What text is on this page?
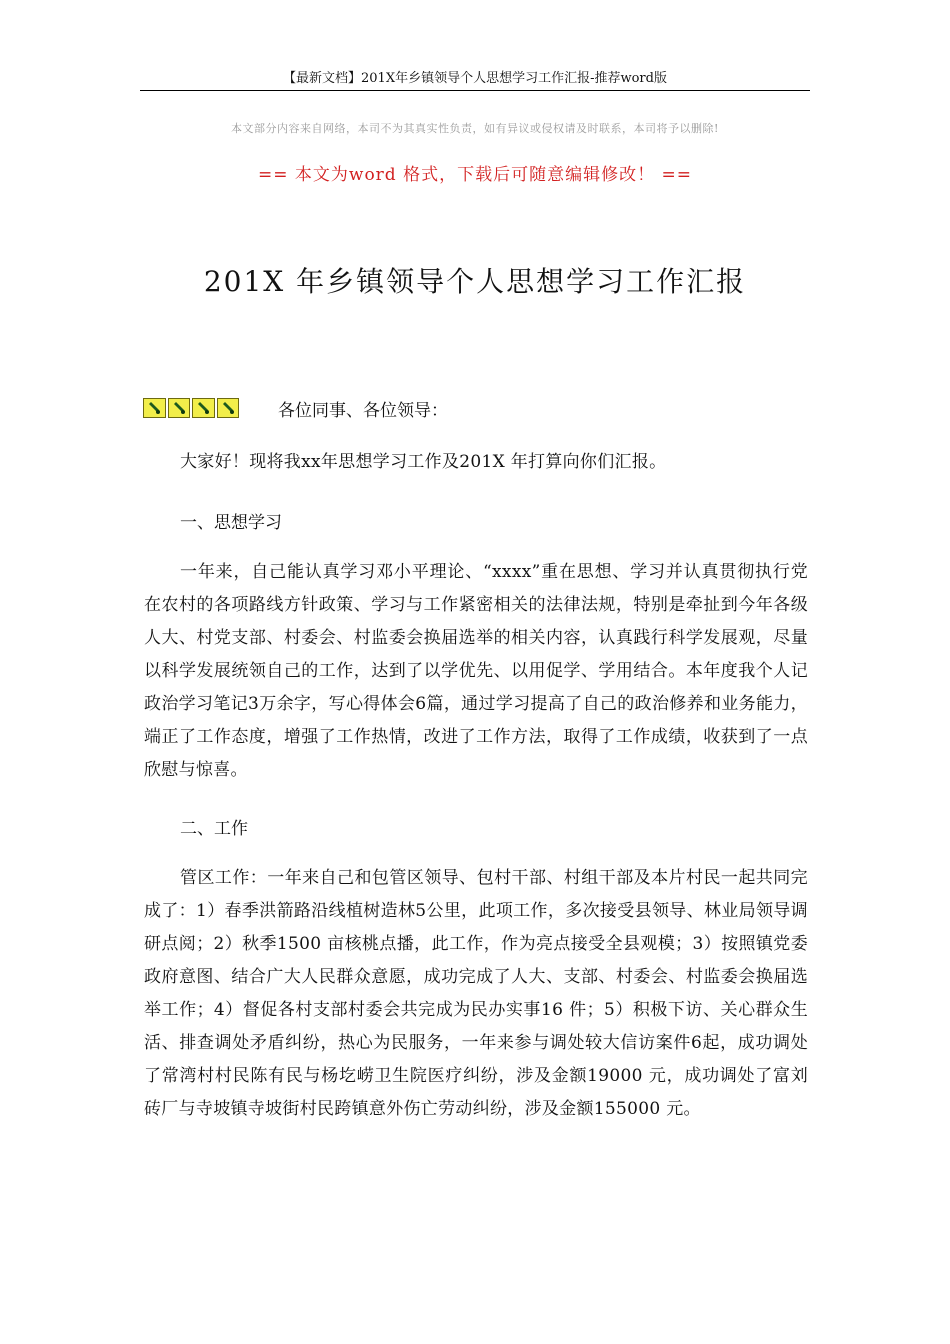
【最新文档】201X年乡镇领导个人思想学习工作汇报-推荐word版
本文部分内容来自网络，本司不为其真实性负责，如有异议或侵权请及时联系，本司将予以删除!
== 本文为word 格式，下载后可随意编辑修改！ ==
201X 年乡镇领导个人思想学习工作汇报
各位同事、各位领导：
大家好！现将我xx年思想学习工作及201X 年打算向你们汇报。
一、思想学习
一年来，自己能认真学习邓小平理论、“xxxx”重在思想、学习并认真贯彻执行党在农村的各项路线方针政策、学习与工作紧密相关的法律法规，特别是牵扯到今年各级人大、村党支部、村委会、村监委会换届选举的相关内容，认真践行科学发展观，尽量以科学发展统领自己的工作，达到了以学优先、以用促学、学用结合。本年度我个人记政治学习笔记3万余字，写心得体会6篇，通过学习提高了自己的政治修养和业务能力，端正了工作态度，增强了工作热情，改进了工作方法，取得了工作成绩，收获到了一点欣慰与惊喜。
二、工作
管区工作：一年来自己和包管区领导、包村干部、村组干部及本片村民一起共同完成了：1）春季洪箭路沿线植树造林5公里，此项工作，多次接受县领导、林业局领导调研点阅；2）秋季1500 亩核桃点播，此工作，作为亮点接受全县观模；3）按照镇党委政府意图、结合广大人民群众意愿，成功完成了人大、支部、村委会、村监委会换届选举工作；4）督促各村支部村委会共完成为民办实事16 件；5）积极下访、关心群众生活、排查调处矛盾纠纷，热心为民服务，一年来参与调处较大信访案件6起，成功调处了常湾村村民陈有民与杨圪崂卫生院医疗纠纷，涉及金额19000 元，成功调处了富刘砖厂与寺坡镇寺坡街村民跨镇意外伤亡劳动纠纷，涉及金额155000 元。
